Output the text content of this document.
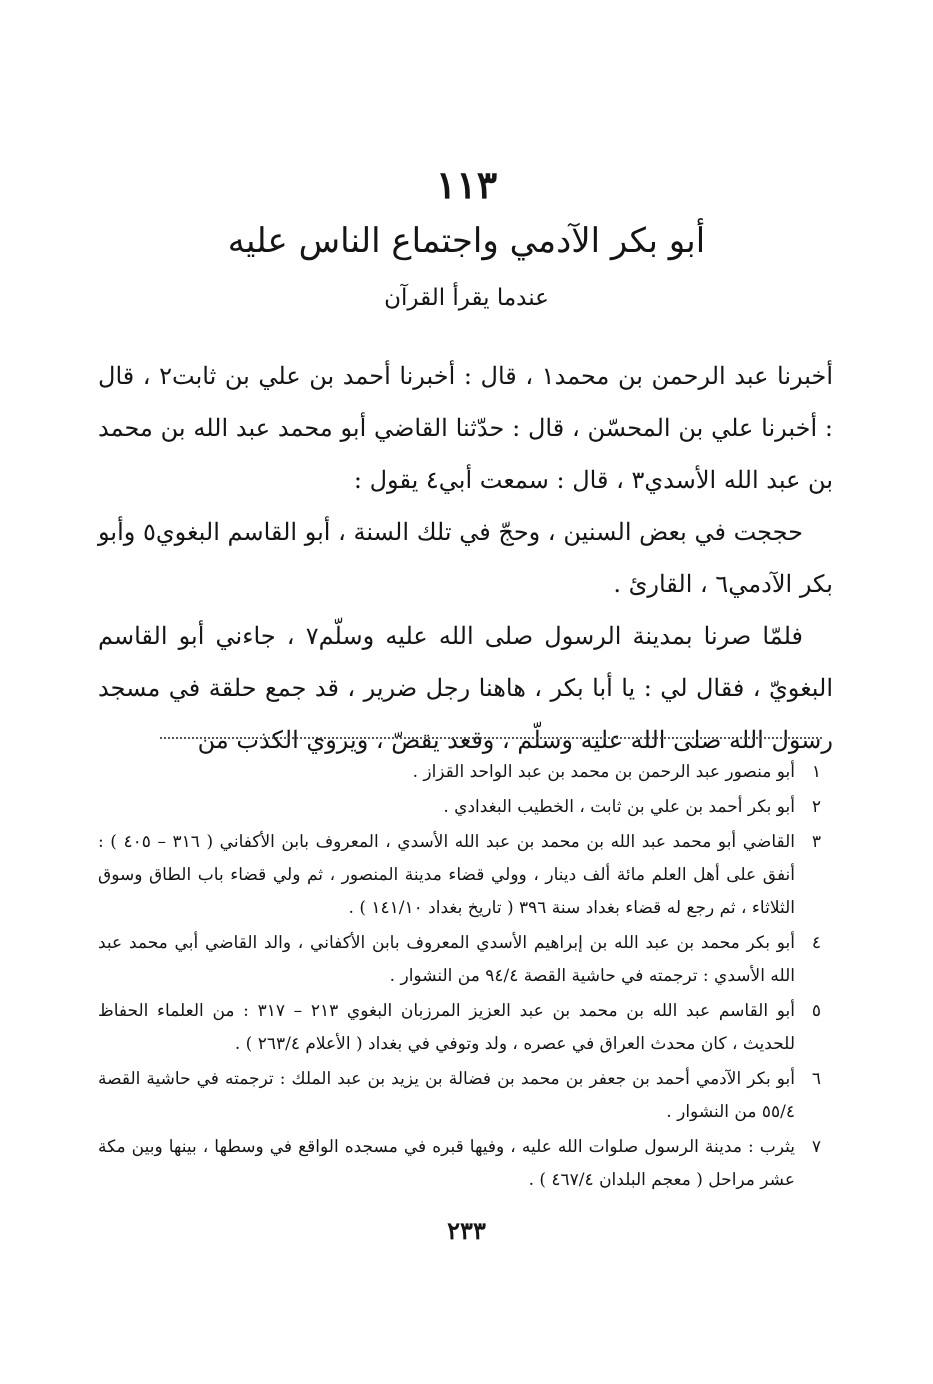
١١٣
أبو بكر الآدمي واجتماع الناس عليه
عندما يقرأ القرآن

أخبرنا عبد الرحمن بن محمد١ ، قال : أخبرنا أحمد بن علي بن ثابت٢ ، قال : أخبرنا علي بن المحسّن ، قال : حدّثنا القاضي أبو محمد عبد الله بن محمد بن عبد الله الأسدي٣ ، قال : سمعت أبي٤ يقول :

حججت في بعض السنين ، وحجّ في تلك السنة ، أبو القاسم البغوي٥ وأبو بكر الآدمي٦ ، القارئ .

فلمّا صرنا بمدينة الرسول صلى الله عليه وسلّم٧ ، جاءني أبو القاسم البغويّ ، فقال لي : يا أبا بكر ، هاهنا رجل ضرير ، قد جمع حلقة في مسجد رسول الله صلى الله عليه وسلّم ، وقعد يقصّ ، ويروي الكذب من

١
أبو منصور عبد الرحمن بن محمد بن عبد الواحد القزاز .
٢
أبو بكر أحمد بن علي بن ثابت ، الخطيب البغدادي .
٣
القاضي أبو محمد عبد الله بن محمد بن عبد الله الأسدي ، المعروف بابن الأكفاني ( ٣١٦ – ٤٠٥ ) : أنفق على أهل العلم مائة ألف دينار ، وولي قضاء مدينة المنصور ، ثم ولي قضاء باب الطاق وسوق الثلاثاء ، ثم رجع له قضاء بغداد سنة ٣٩٦ ( تاريخ بغداد ١٤١/١٠ ) .
٤
أبو بكر محمد بن عبد الله بن إبراهيم الأسدي المعروف بابن الأكفاني ، والد القاضي أبي محمد عبد الله الأسدي : ترجمته في حاشية القصة ٩٤/٤ من النشوار .
٥
أبو القاسم عبد الله بن محمد بن عبد العزيز المرزبان البغوي ٢١٣ – ٣١٧ : من العلماء الحفاظ للحديث ، كان محدث العراق في عصره ، ولد وتوفي في بغداد ( الأعلام ٢٦٣/٤ ) .
٦
أبو بكر الآدمي أحمد بن جعفر بن محمد بن فضالة بن يزيد بن عبد الملك : ترجمته في حاشية القصة ٥٥/٤ من النشوار .
٧
يثرب : مدينة الرسول صلوات الله عليه ، وفيها قبره في مسجده الواقع في وسطها ، بينها وبين مكة عشر مراحل ( معجم البلدان ٤٦٧/٤ ) .
٢٣٣
